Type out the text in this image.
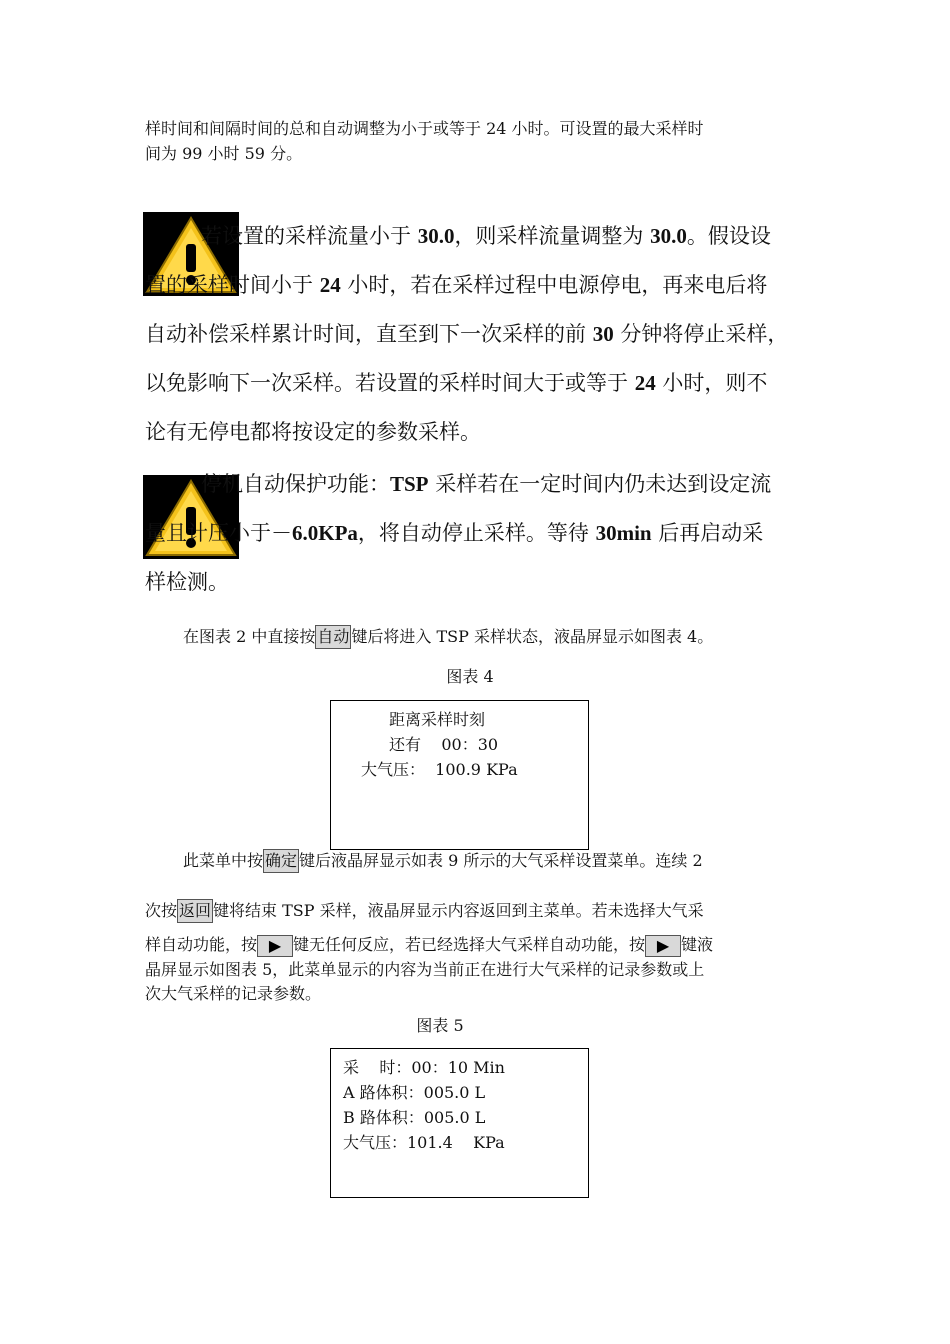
样时间和间隔时间的总和自动调整为小于或等于 24 小时。可设置的最大采样时
间为 99 小时 59 分。

若设置的采样流量小于 30.0，则采样流量调整为 30.0。假设设
置的采样时间小于 24 小时，若在采样过程中电源停电，再来电后将
自动补偿采样累计时间，直至到下一次采样的前 30 分钟将停止采样，
以免影响下一次采样。若设置的采样时间大于或等于 24 小时，则不
论有无停电都将按设定的参数采样。
停机自动保护功能：TSP 采样若在一定时间内仍未达到设定流
量且计压小于－6.0KPa，将自动停止采样。等待 30min 后再启动采
样检测。

在图表 2 中直接按 自动 键后将进入 TSP 采样状态，液晶屏显示如图表 4。

图表 4
距离采样时刻
还有    00：30
大气压：  100.9 KPa
此菜单中按 确定 键后液晶屏显示如表 9 所示的大气采样设置菜单。连续 2
次按 返回 键将结束 TSP 采样，液晶屏显示内容返回到主菜单。若未选择大气采
样自动功能，按 ▶ 键无任何反应，若已经选择大气采样自动功能，按 ▶ 键液
晶屏显示如图表 5，此菜单显示的内容为当前正在进行大气采样的记录参数或上
次大气采样的记录参数。
图表 5
采    时：00：10 Min
A 路体积：005.0 L
B 路体积：005.0 L
大气压：101.4    KPa
